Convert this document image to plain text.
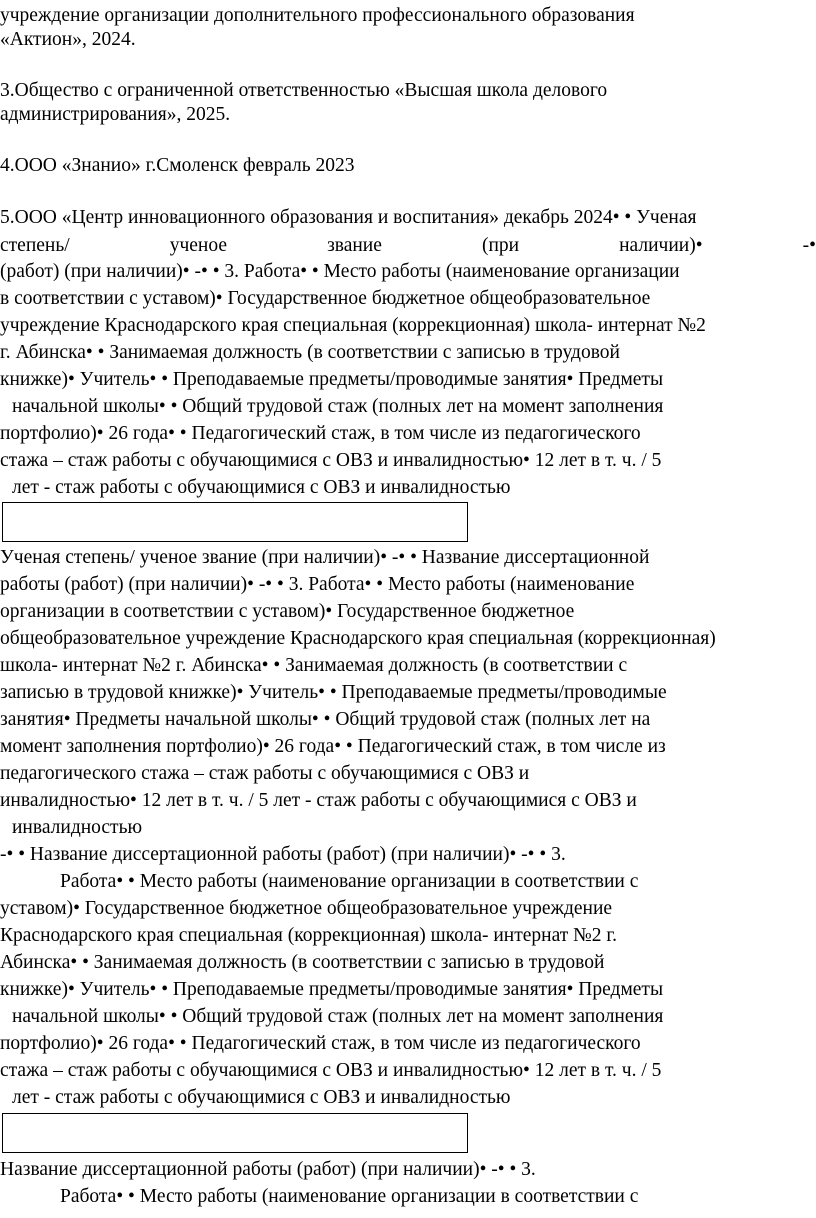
учреждение организации дополнительного профессионального образования
«Актион», 2024.
3.Общество с ограниченной ответственностью «Высшая школа делового
администрирования», 2025.
4.ООО «Знанио» г.Смоленск февраль 2023
5.ООО «Центр инновационного образования и воспитания» декабрь 2024• • Ученая
степень/	ученое	звание	(при	наличии)•	-•
(работ) (при наличии)• -• • 3. Работа• • Место работы (наименование организации
в соответствии с уставом)• Государственное бюджетное общеобразовательное
учреждение Краснодарского края специальная (коррекционная) школа- интернат №2
г. Абинска• • Занимаемая должность (в соответствии с записью в трудовой
книжке)• Учитель• • Преподаваемые предметы/проводимые занятия• Предметы
начальной школы• • Общий трудовой стаж (полных лет на момент заполнения
портфолио)• 26 года• • Педагогический стаж, в том числе из педагогического
стажа – стаж работы с обучающимися с ОВЗ и инвалидностью• 12 лет в т. ч. / 5
лет - стаж работы с обучающимися с ОВЗ и инвалидностью
Ученая степень/ ученое звание (при наличии)• -• • Название диссертационной
работы (работ) (при наличии)• -• • 3. Работа• • Место работы (наименование
организации в соответствии с уставом)• Государственное бюджетное
общеобразовательное учреждение Краснодарского края специальная (коррекционная)
школа- интернат №2 г. Абинска• • Занимаемая должность (в соответствии с
записью в трудовой книжке)• Учитель• • Преподаваемые предметы/проводимые
занятия• Предметы начальной школы• • Общий трудовой стаж (полных лет на
момент заполнения портфолио)• 26 года• • Педагогический стаж, в том числе из
педагогического стажа – стаж работы с обучающимися с ОВЗ и
инвалидностью• 12 лет в т. ч. / 5 лет - стаж работы с обучающимися с ОВЗ и
инвалидностью
-• • Название диссертационной работы (работ) (при наличии)• -• • 3.
Работа• • Место работы (наименование организации в соответствии с
уставом)• Государственное бюджетное общеобразовательное учреждение
Краснодарского края специальная (коррекционная) школа- интернат №2 г.
Абинска• • Занимаемая должность (в соответствии с записью в трудовой
книжке)• Учитель• • Преподаваемые предметы/проводимые занятия• Предметы
начальной школы• • Общий трудовой стаж (полных лет на момент заполнения
портфолио)• 26 года• • Педагогический стаж, в том числе из педагогического
стажа – стаж работы с обучающимися с ОВЗ и инвалидностью• 12 лет в т. ч. / 5
лет - стаж работы с обучающимися с ОВЗ и инвалидностью
Название диссертационной работы (работ) (при наличии)• -• • 3.
Работа• • Место работы (наименование организации в соответствии с
